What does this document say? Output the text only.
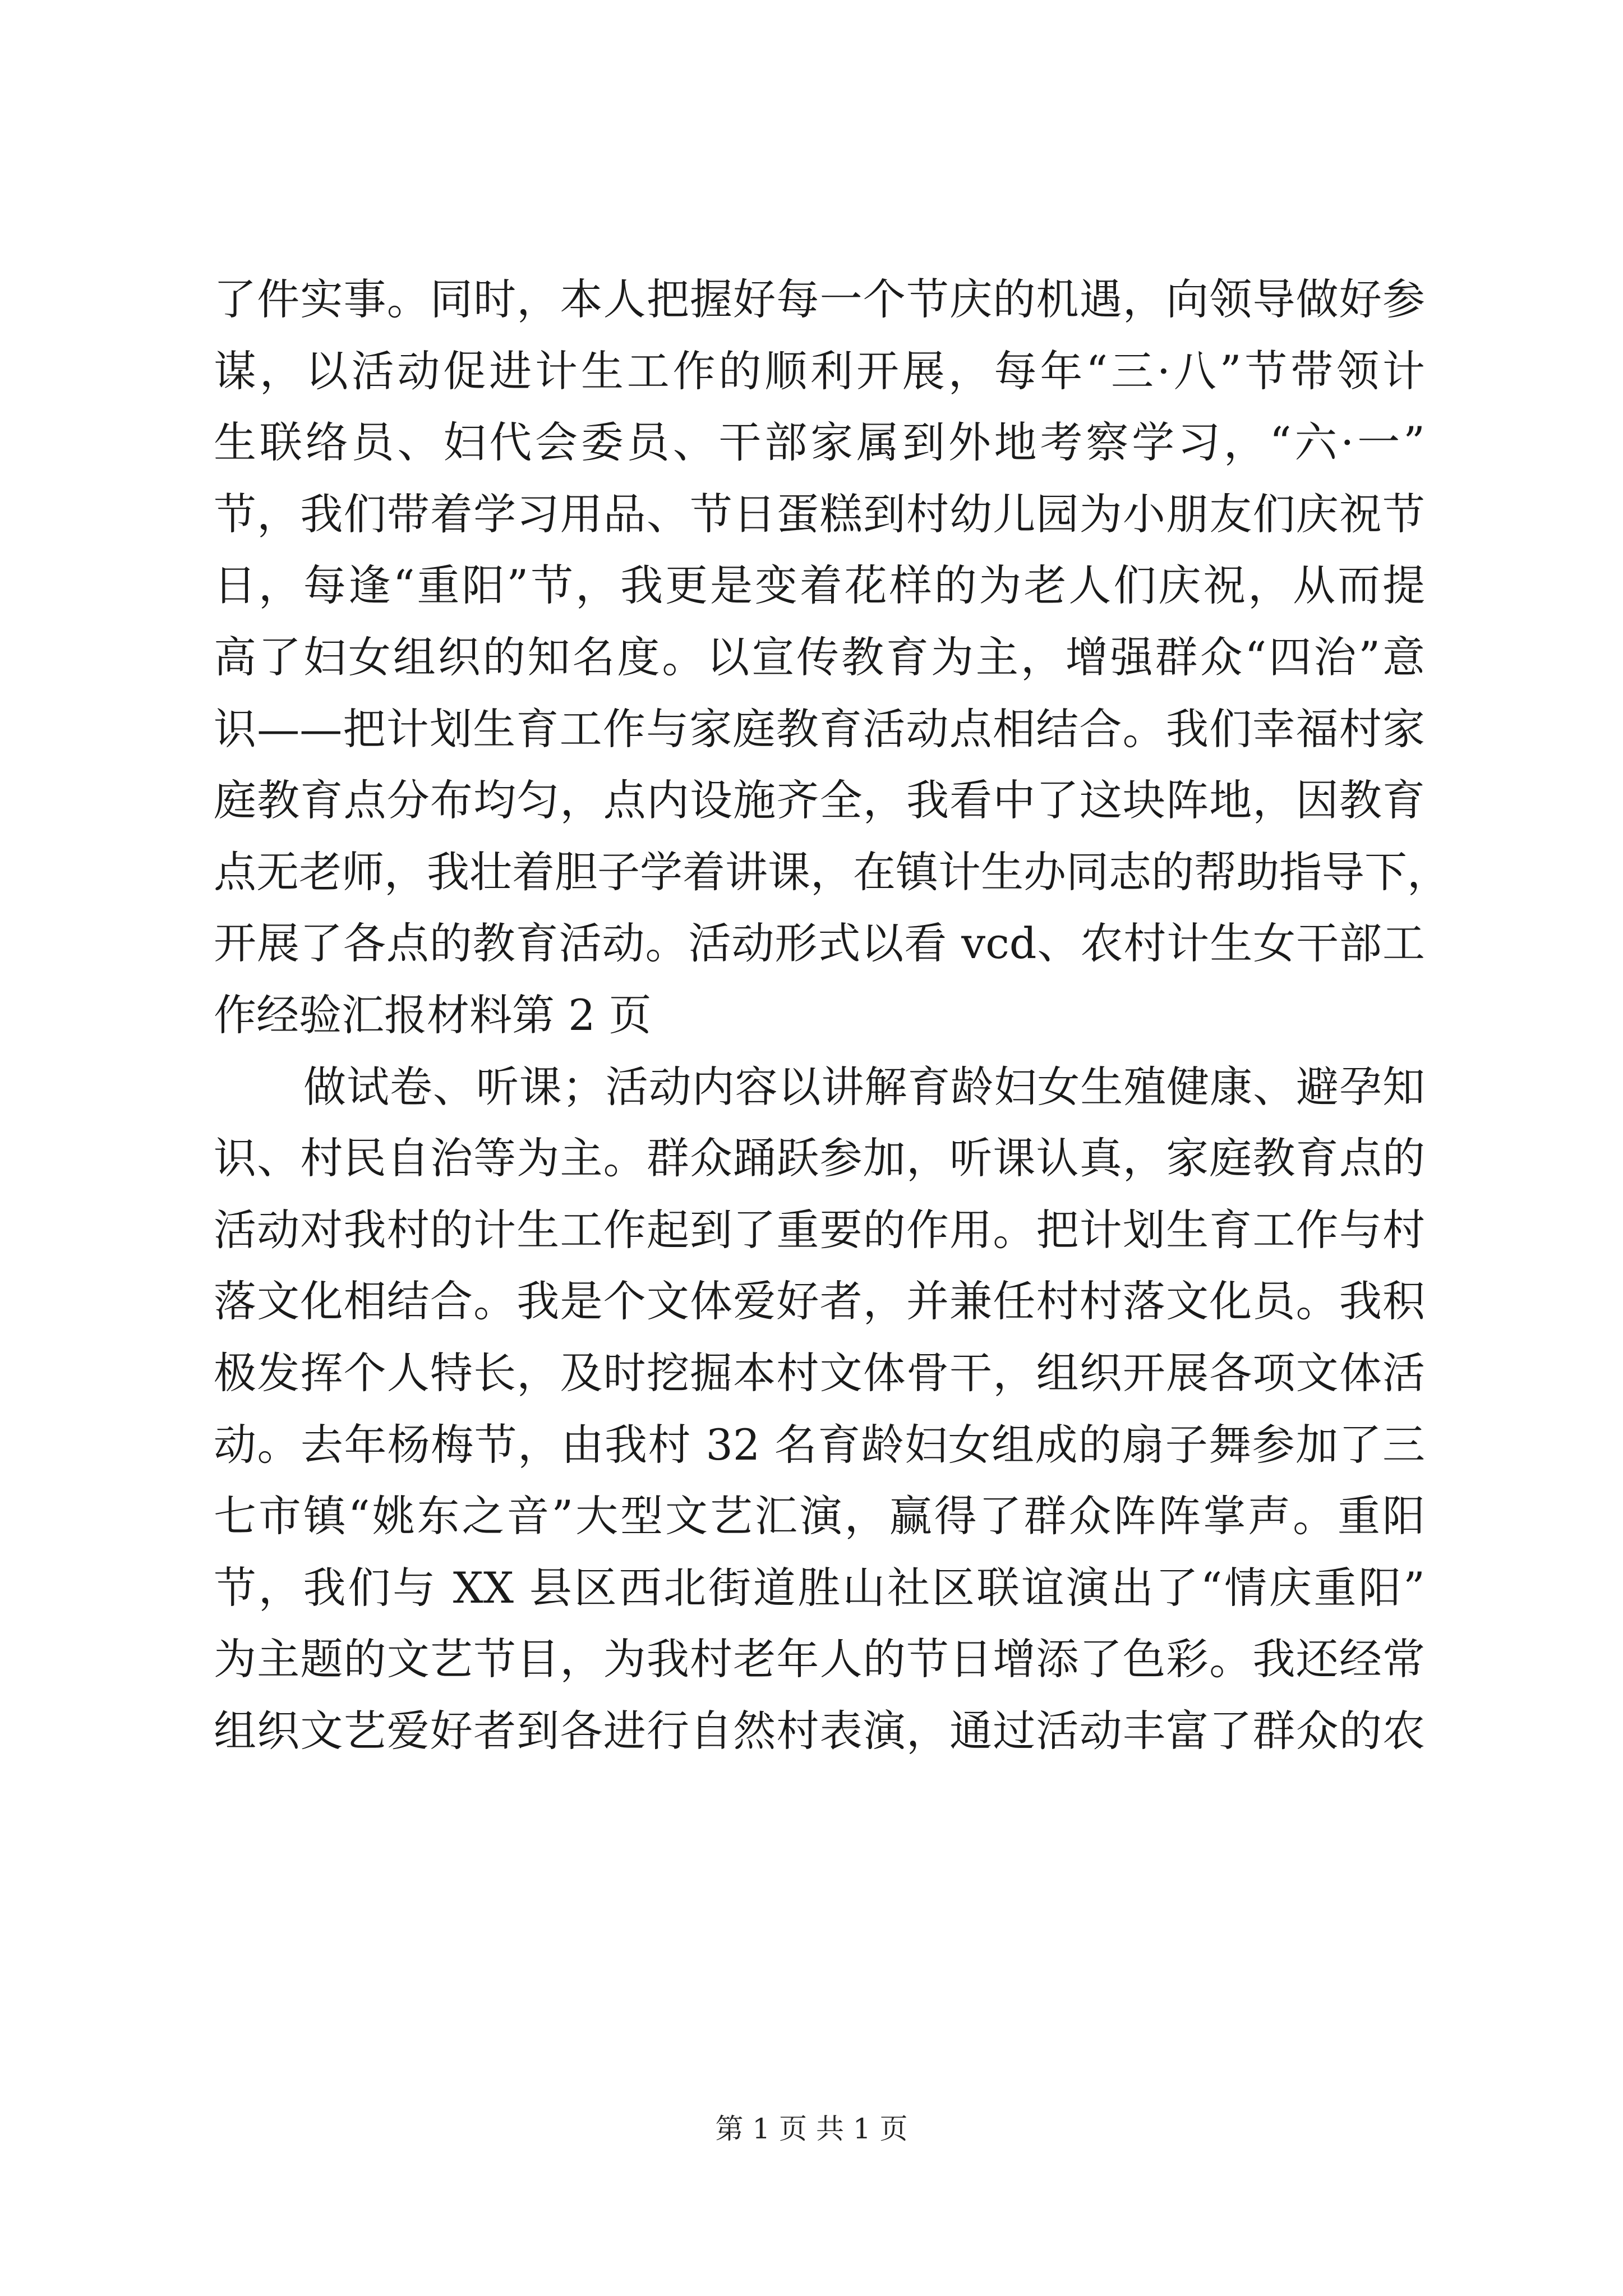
了件实事。同时，本人把握好每一个节庆的机遇，向领导做好参
谋，以活动促进计生工作的顺利开展，每年“三·八”节带领计
生联络员、妇代会委员、干部家属到外地考察学习，“六·一”
节，我们带着学习用品、节日蛋糕到村幼儿园为小朋友们庆祝节
日，每逢“重阳”节，我更是变着花样的为老人们庆祝，从而提
高了妇女组织的知名度。以宣传教育为主，增强群众“四治”意
识——把计划生育工作与家庭教育活动点相结合。我们幸福村家
庭教育点分布均匀，点内设施齐全，我看中了这块阵地，因教育
点无老师，我壮着胆子学着讲课，在镇计生办同志的帮助指导下，
开展了各点的教育活动。活动形式以看 vcd、农村计生女干部工
作经验汇报材料第 2 页
做试卷、听课；活动内容以讲解育龄妇女生殖健康、避孕知
识、村民自治等为主。群众踊跃参加，听课认真，家庭教育点的
活动对我村的计生工作起到了重要的作用。把计划生育工作与村
落文化相结合。我是个文体爱好者，并兼任村村落文化员。我积
极发挥个人特长，及时挖掘本村文体骨干，组织开展各项文体活
动。去年杨梅节，由我村 32 名育龄妇女组成的扇子舞参加了三
七市镇“姚东之音”大型文艺汇演，赢得了群众阵阵掌声。重阳
节，我们与 XX 县区西北街道胜山社区联谊演出了“情庆重阳”
为主题的文艺节目，为我村老年人的节日增添了色彩。我还经常
组织文艺爱好者到各进行自然村表演，通过活动丰富了群众的农
第 1 页 共 1 页
